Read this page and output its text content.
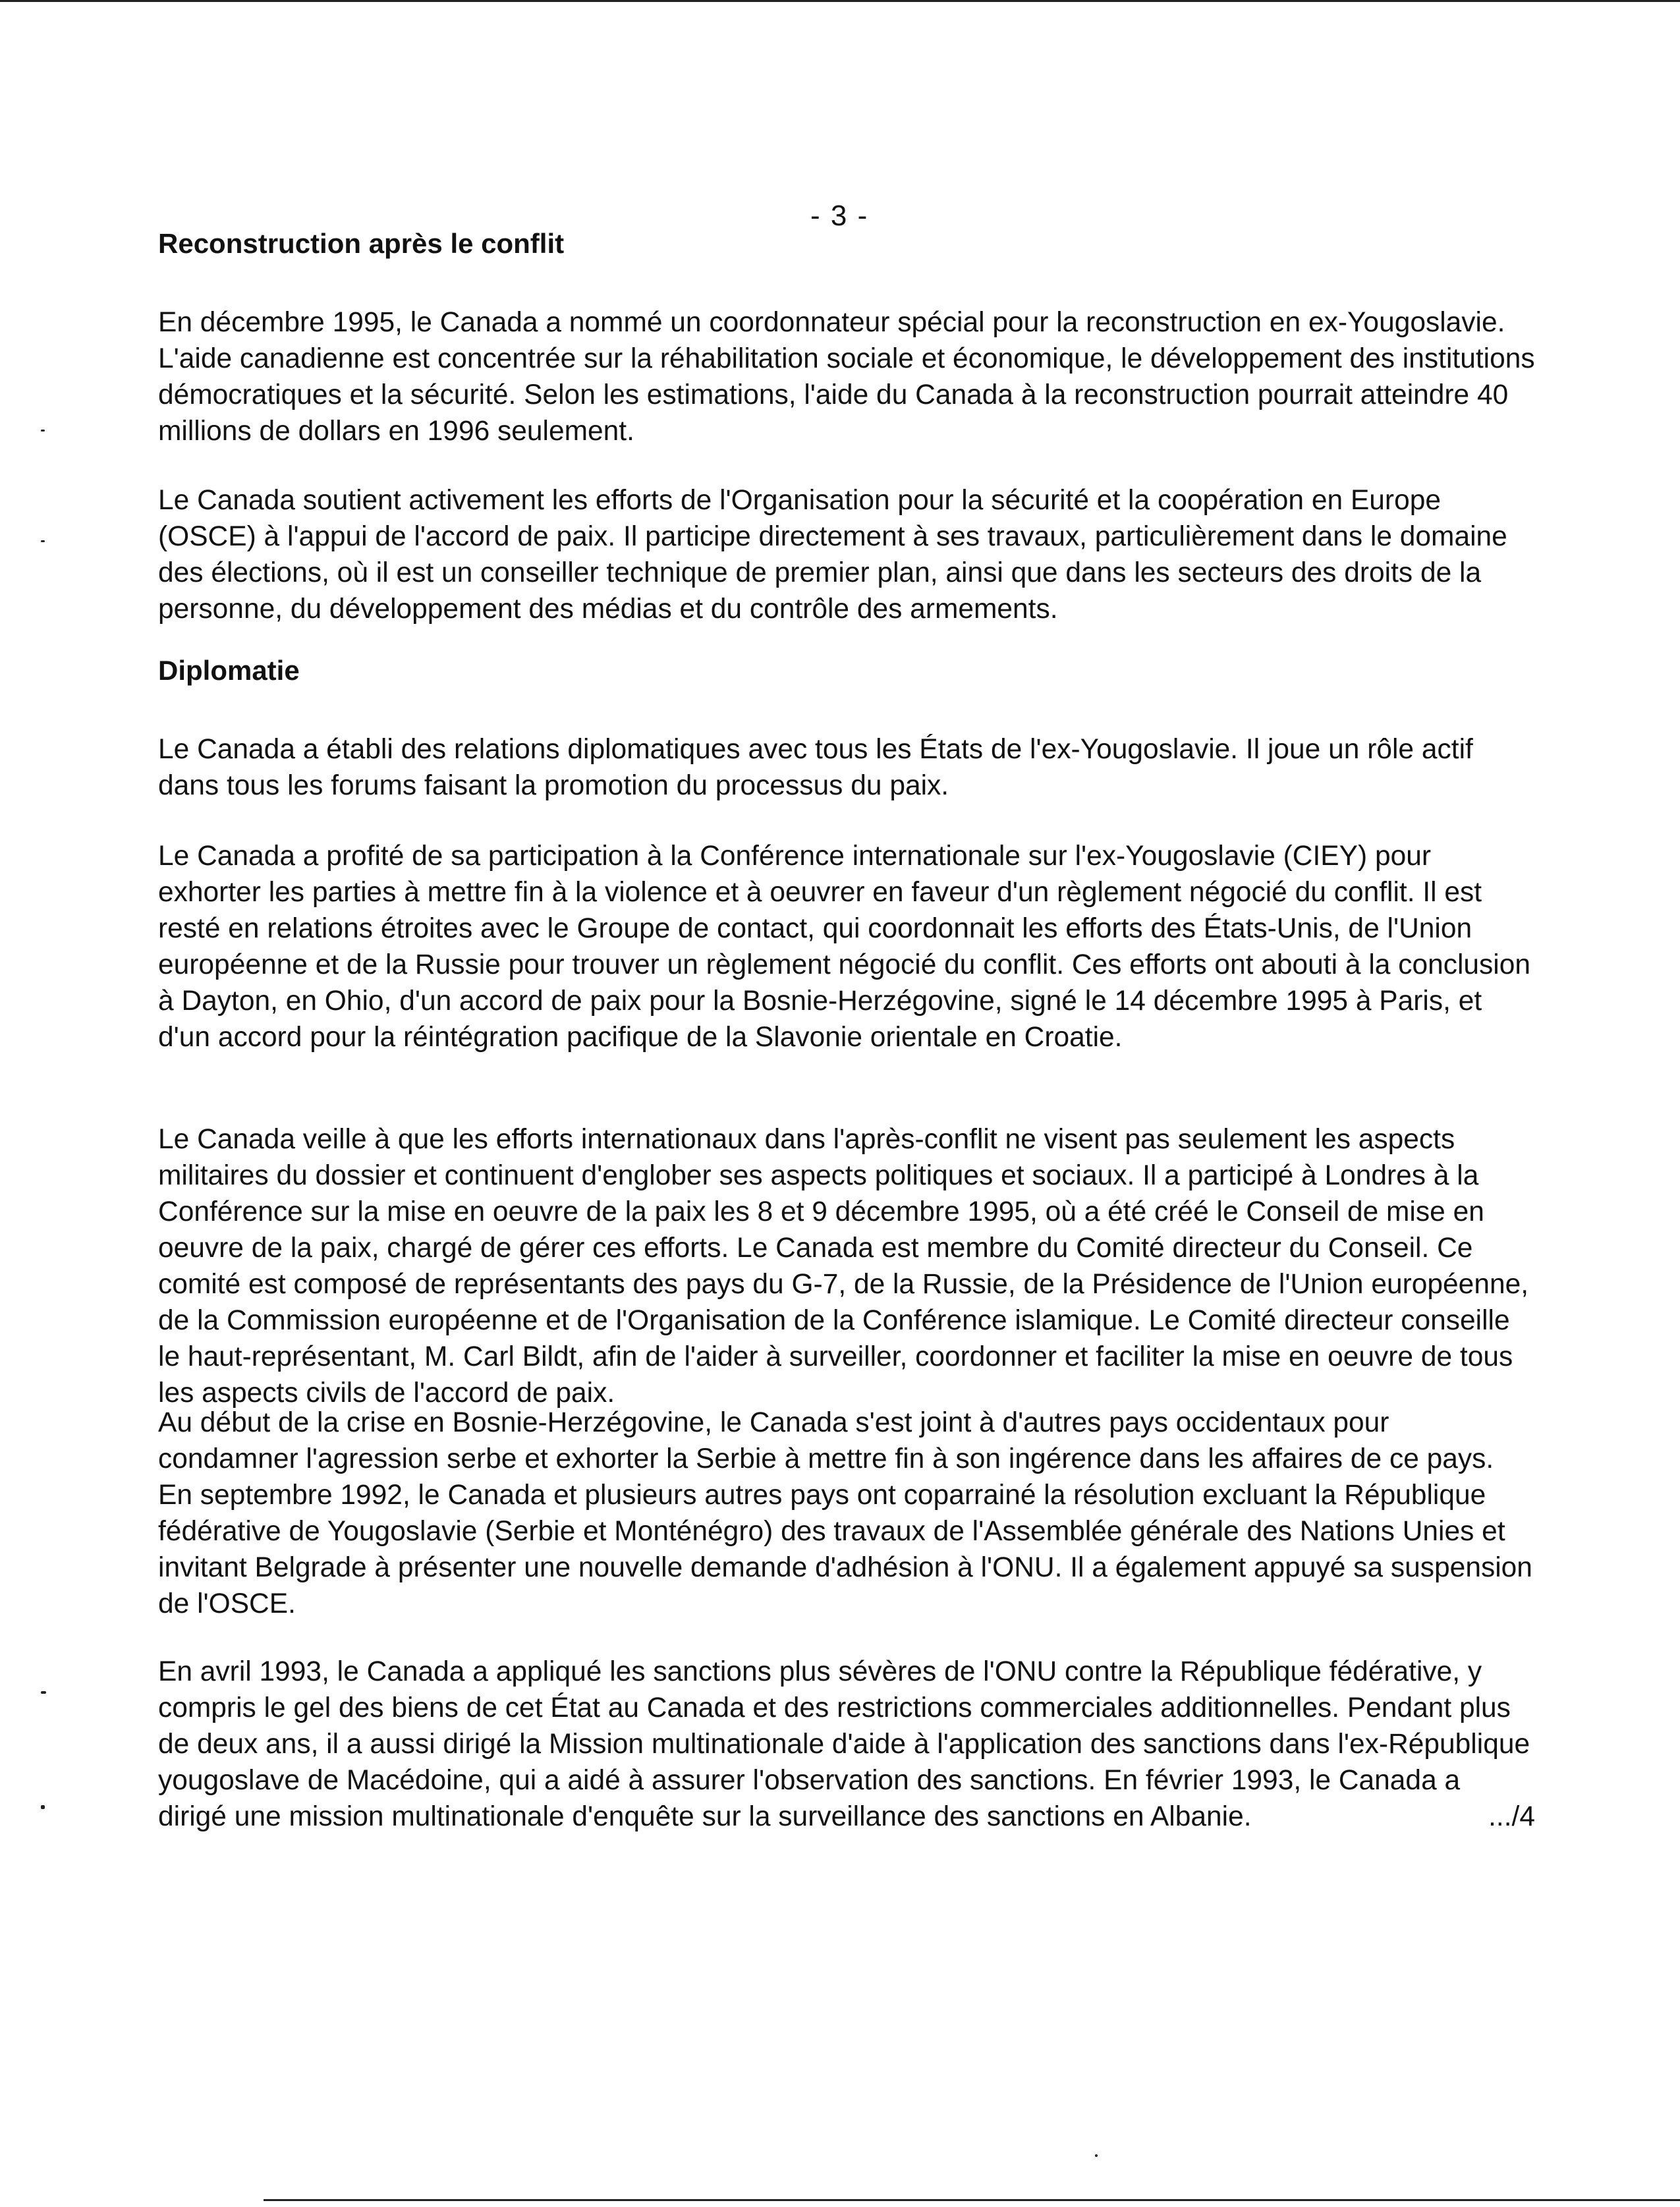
- 3 -
Reconstruction après le conflit

En décembre 1995, le Canada a nommé un coordonnateur spécial pour la reconstruction en ex-Yougoslavie. L'aide canadienne est concentrée sur la réhabilitation sociale et économique, le développement des institutions démocratiques et la sécurité. Selon les estimations, l'aide du Canada à la reconstruction pourrait atteindre 40 millions de dollars en 1996 seulement.

Le Canada soutient activement les efforts de l'Organisation pour la sécurité et la coopération en Europe (OSCE) à l'appui de l'accord de paix. Il participe directement à ses travaux, particulièrement dans le domaine des élections, où il est un conseiller technique de premier plan, ainsi que dans les secteurs des droits de la personne, du développement des médias et du contrôle des armements.

Diplomatie

Le Canada a établi des relations diplomatiques avec tous les États de l'ex-Yougoslavie. Il joue un rôle actif dans tous les forums faisant la promotion du processus du paix.

Le Canada a profité de sa participation à la Conférence internationale sur l'ex-Yougoslavie (CIEY) pour exhorter les parties à mettre fin à la violence et à oeuvrer en faveur d'un règlement négocié du conflit. Il est resté en relations étroites avec le Groupe de contact, qui coordonnait les efforts des États-Unis, de l'Union européenne et de la Russie pour trouver un règlement négocié du conflit. Ces efforts ont abouti à la conclusion à Dayton, en Ohio, d'un accord de paix pour la Bosnie-Herzégovine, signé le 14 décembre 1995 à Paris, et d'un accord pour la réintégration pacifique de la Slavonie orientale en Croatie.

Le Canada veille à que les efforts internationaux dans l'après-conflit ne visent pas seulement les aspects militaires du dossier et continuent d'englober ses aspects politiques et sociaux. Il a participé à Londres à la Conférence sur la mise en oeuvre de la paix les 8 et 9 décembre 1995, où a été créé le Conseil de mise en oeuvre de la paix, chargé de gérer ces efforts. Le Canada est membre du Comité directeur du Conseil. Ce comité est composé de représentants des pays du G-7, de la Russie, de la Présidence de l'Union européenne, de la Commission européenne et de l'Organisation de la Conférence islamique. Le Comité directeur conseille le haut-représentant, M. Carl Bildt, afin de l'aider à surveiller, coordonner et faciliter la mise en oeuvre de tous les aspects civils de l'accord de paix.

Au début de la crise en Bosnie-Herzégovine, le Canada s'est joint à d'autres pays occidentaux pour condamner l'agression serbe et exhorter la Serbie à mettre fin à son ingérence dans les affaires de ce pays. En septembre 1992, le Canada et plusieurs autres pays ont coparrainé la résolution excluant la République fédérative de Yougoslavie (Serbie et Monténégro) des travaux de l'Assemblée générale des Nations Unies et invitant Belgrade à présenter une nouvelle demande d'adhésion à l'ONU. Il a également appuyé sa suspension de l'OSCE.

En avril 1993, le Canada a appliqué les sanctions plus sévères de l'ONU contre la République fédérative, y compris le gel des biens de cet État au Canada et des restrictions commerciales additionnelles. Pendant plus de deux ans, il a aussi dirigé la Mission multinationale d'aide à l'application des sanctions dans l'ex-République yougoslave de Macédoine, qui a aidé à assurer l'observation des sanctions. En février 1993, le Canada a dirigé une mission multinationale d'enquête sur la surveillance des sanctions en Albanie.	.../4
